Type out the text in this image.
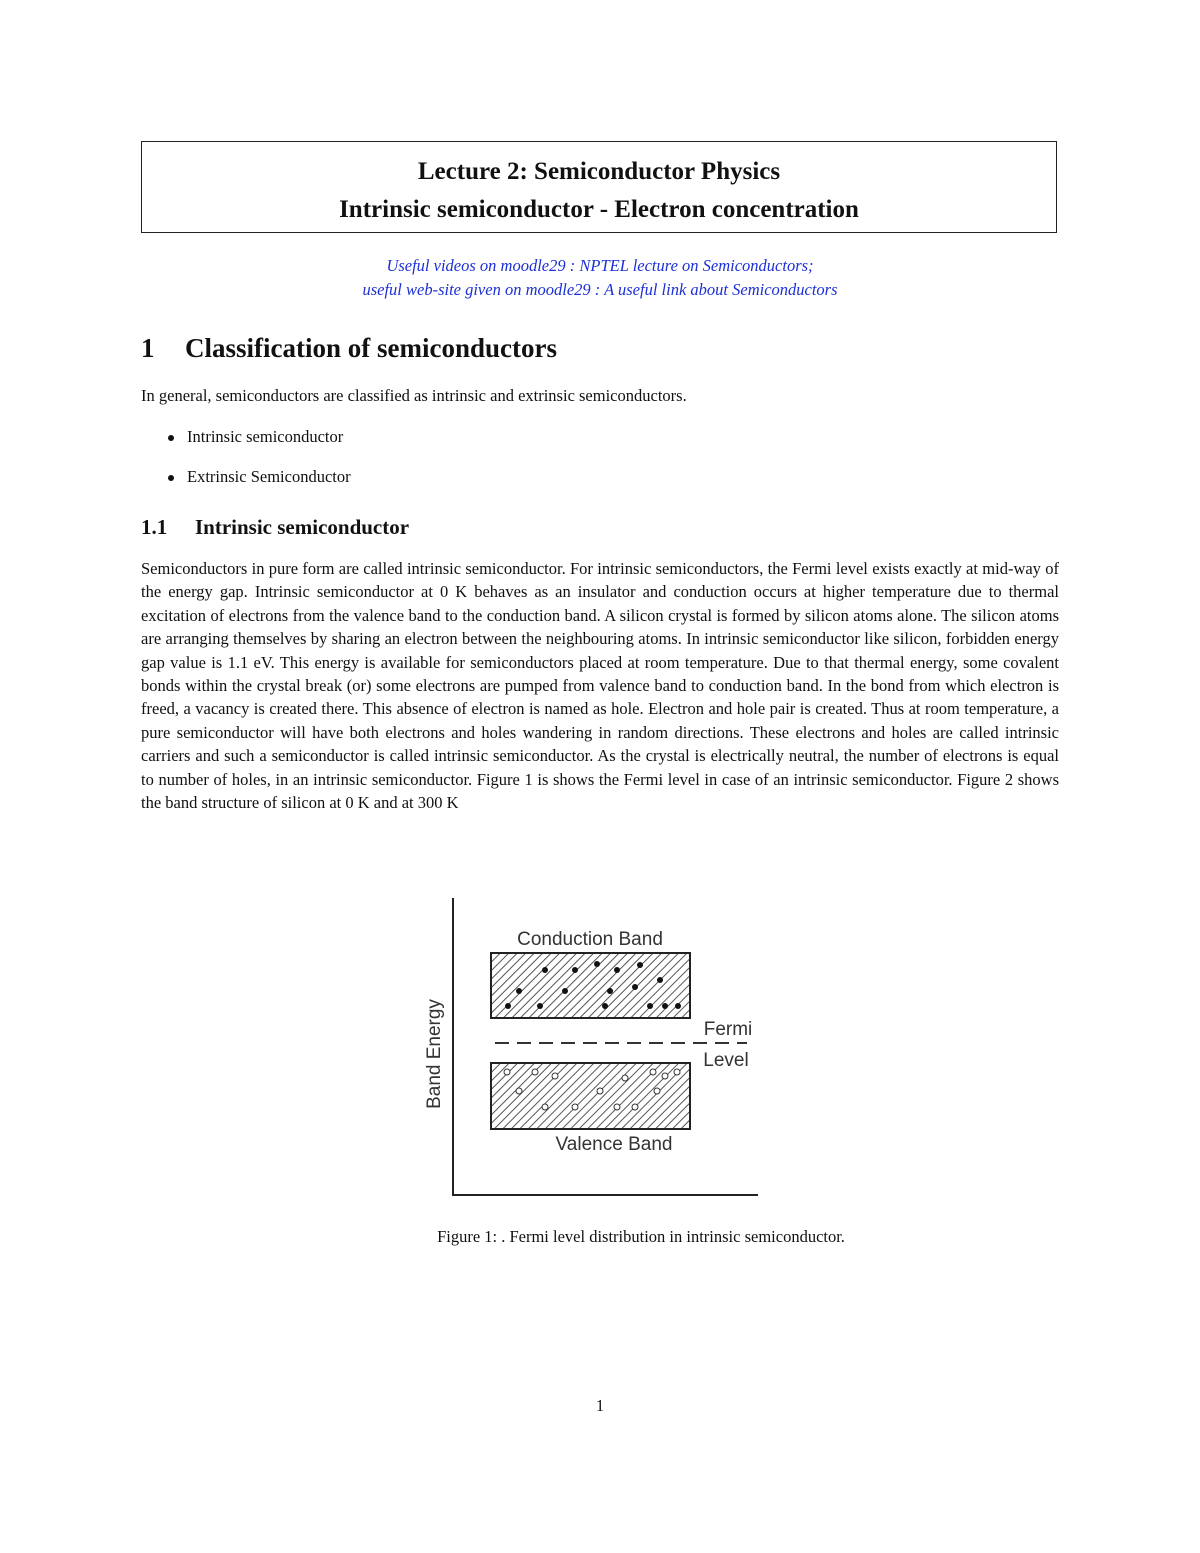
Lecture 2: Semiconductor Physics
Intrinsic semiconductor - Electron concentration
Useful videos on moodle29 : NPTEL lecture on Semiconductors;
useful web-site given on moodle29 : A useful link about Semiconductors
1 Classification of semiconductors
In general, semiconductors are classified as intrinsic and extrinsic semiconductors.
Intrinsic semiconductor
Extrinsic Semiconductor
1.1 Intrinsic semiconductor
Semiconductors in pure form are called intrinsic semiconductor. For intrinsic semiconductors, the Fermi level exists exactly at mid-way of the energy gap. Intrinsic semiconductor at 0 K behaves as an insulator and conduction occurs at higher temperature due to thermal excitation of electrons from the valence band to the conduction band. A silicon crystal is formed by silicon atoms alone. The silicon atoms are arranging themselves by sharing an electron between the neighbouring atoms. In intrinsic semiconductor like silicon, forbidden energy gap value is 1.1 eV. This energy is available for semiconductors placed at room temperature. Due to that thermal energy, some covalent bonds within the crystal break (or) some electrons are pumped from valence band to conduction band. In the bond from which electron is freed, a vacancy is created there. This absence of electron is named as hole. Electron and hole pair is created. Thus at room temperature, a pure semiconductor will have both electrons and holes wandering in random directions. These electrons and holes are called intrinsic carriers and such a semiconductor is called intrinsic semiconductor. As the crystal is electrically neutral, the number of electrons is equal to number of holes, in an intrinsic semiconductor. Figure 1 is shows the Fermi level in case of an intrinsic semiconductor. Figure 2 shows the band structure of silicon at 0 K and at 300 K
Band Energy
Conduction Band
Fermi
Level
Valence Band
Figure 1: . Fermi level distribution in intrinsic semiconductor.
1
